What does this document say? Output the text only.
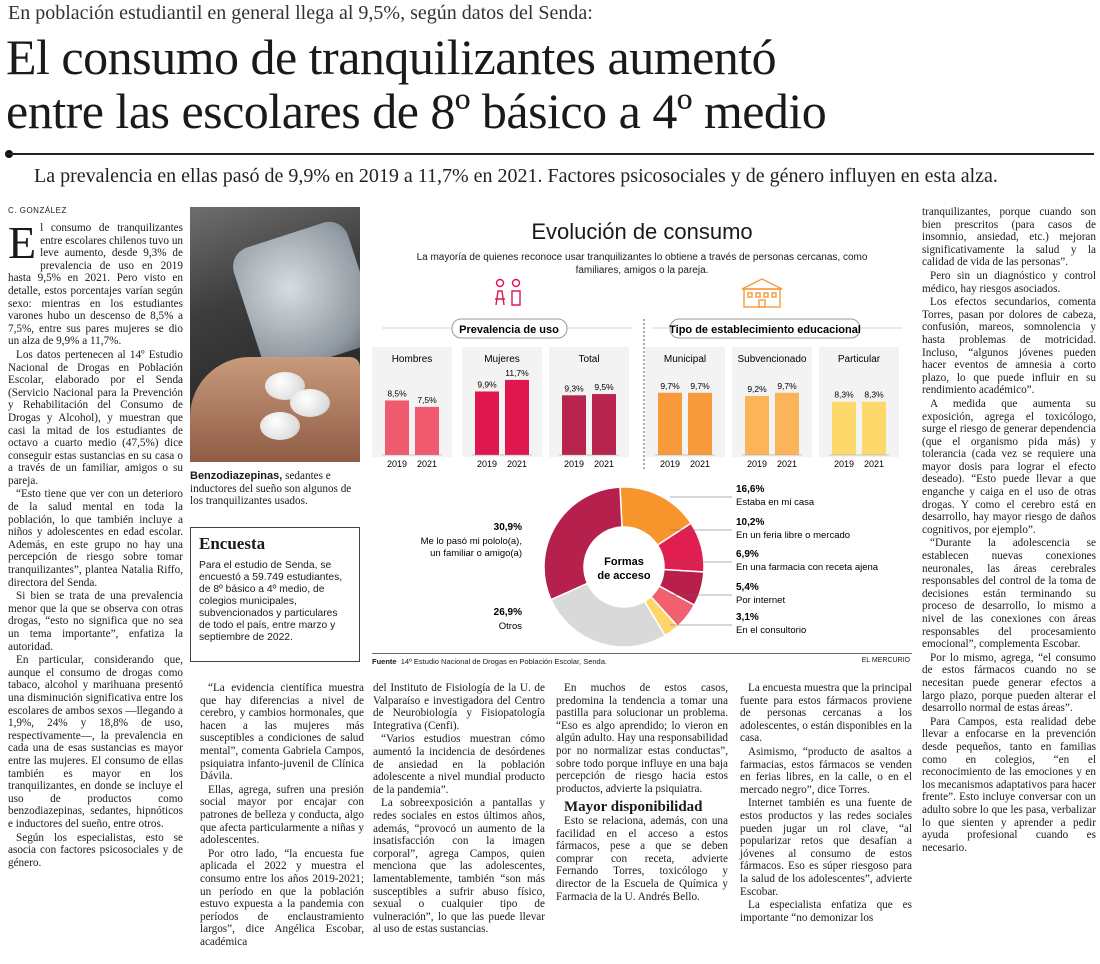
En población estudiantil en general llega al 9,5%, según datos del Senda:
El consumo de tranquilizantes aumentó
entre las escolares de 8º básico a 4º medio
La prevalencia en ellas pasó de 9,9% en 2019 a 11,7% en 2021. Factores psicosociales y de género influyen en esta alza.
C. GONZÁLEZ

El consumo de tranquilizantes entre escolares chilenos tuvo un leve aumento, desde 9,3% de prevalencia de uso en 2019 hasta 9,5% en 2021. Pero visto en detalle, estos porcentajes varían según sexo: mientras en los estudiantes varones hubo un descenso de 8,5% a 7,5%, entre sus pares mujeres se dio un alza de 9,9% a 11,7%.

Los datos pertenecen al 14º Estudio Nacional de Drogas en Población Escolar, elaborado por el Senda (Servicio Nacional para la Prevención y Rehabilitación del Consumo de Drogas y Alcohol), y muestran que casi la mitad de los estudiantes de octavo a cuarto medio (47,5%) dice conseguir estas sustancias en su casa o a través de un familiar, amigos o su pareja.

“Esto tiene que ver con un deterioro de la salud mental en toda la población, lo que también incluye a niños y adolescentes en edad escolar. Además, en este grupo no hay una percepción de riesgo sobre tomar tranquilizantes”, plantea Natalia Riffo, directora del Senda.

Si bien se trata de una prevalencia menor que la que se observa con otras drogas, “esto no significa que no sea un tema importante”, enfatiza la autoridad.

En particular, considerando que, aunque el consumo de drogas como tabaco, alcohol y marihuana presentó una disminución significativa entre los escolares de ambos sexos —llegando a 1,9%, 24% y 18,8% de uso, respectivamente—, la prevalencia en cada una de esas sustancias es mayor entre las mujeres. El consumo de ellas también es mayor en los tranquilizantes, en donde se incluye el uso de productos como benzodiazepinas, sedantes, hipnóticos e inductores del sueño, entre otros.

Según los especialistas, esto se asocia con factores psicosociales y de género.

Benzodiazepinas, sedantes e inductores del sueño son algunos de los tranquilizantes usados.
Encuesta

Para el estudio de Senda, se encuestó a 59.749 estudiantes, de 8º básico a 4º medio, de colegios municipales, subvencionados y particulares de todo el país, entre marzo y septiembre de 2022.

Evolución de consumo
La mayoría de quienes reconoce usar tranquilizantes lo obtiene a través de personas cercanas, como familiares, amigos o la pareja.
Prevalencia de uso	Tipo de establecimiento educacional
Hombres
8,5%
2019
7,5%
2021
Mujeres
9,9%
2019
11,7%
2021
Total
9,3%
2019
9,5%
2021
Municipal
9,7%
2019
9,7%
2021
Subvencionado
9,2%
2019
9,7%
2021
Particular
8,3%
2019
8,3%
2021
Formas
de acceso
16,6%
Estaba en mi casa
10,2%
En un feria libre o mercado
6,9%
En una farmacia con receta ajena
5,4%
Por internet
3,1%
En el consultorio
30,9%
Me lo pasó mi pololo(a),
un familiar o amigo(a)
26,9%
Otros
Fuente 14º Estudio Nacional de Drogas en Población Escolar, Senda.	EL MERCURIO

“La evidencia científica muestra que hay diferencias a nivel de cerebro, y cambios hormonales, que hacen a las mujeres más susceptibles a condiciones de salud mental”, comenta Gabriela Campos, psiquiatra infanto-juvenil de Clínica Dávila.

Ellas, agrega, sufren una presión social mayor por encajar con patrones de belleza y conducta, algo que afecta particularmente a niñas y adolescentes.

Por otro lado, “la encuesta fue aplicada el 2022 y muestra el consumo entre los años 2019-2021; un período en que la población estuvo expuesta a la pandemia con períodos de enclaustramiento largos”, dice Angélica Escobar, académica

del Instituto de Fisiología de la U. de Valparaíso e investigadora del Centro de Neurobiología y Fisiopatología Integrativa (Cenfi).

“Varios estudios muestran cómo aumentó la incidencia de desórdenes de ansiedad en la población adolescente a nivel mundial producto de la pandemia”.

La sobreexposición a pantallas y redes sociales en estos últimos años, además, “provocó un aumento de la insatisfacción con la imagen corporal”, agrega Campos, quien menciona que las adolescentes, lamentablemente, también “son más susceptibles a sufrir abuso físico, sexual o cualquier tipo de vulneración”, lo que las puede llevar al uso de estas sustancias.

En muchos de estos casos, predomina la tendencia a tomar una pastilla para solucionar un problema. “Eso es algo aprendido; lo vieron en algún adulto. Hay una responsabilidad por no normalizar estas conductas”, sobre todo porque influye en una baja percepción de riesgo hacia estos productos, advierte la psiquiatra.

Mayor disponibilidad

Esto se relaciona, además, con una facilidad en el acceso a estos fármacos, pese a que se deben comprar con receta, advierte Fernando Torres, toxicólogo y director de la Escuela de Química y Farmacia de la U. Andrés Bello.

La encuesta muestra que la principal fuente para estos fármacos proviene de personas cercanas a los adolescentes, o están disponibles en la casa.

Asimismo, “producto de asaltos a farmacias, estos fármacos se venden en ferias libres, en la calle, o en el mercado negro”, dice Torres.

Internet también es una fuente de estos productos y las redes sociales pueden jugar un rol clave, “al popularizar retos que desafían a jóvenes al consumo de estos fármacos. Eso es súper riesgoso para la salud de los adolescentes”, advierte Escobar.

La especialista enfatiza que es importante “no demonizar los

tranquilizantes, porque cuando son bien prescritos (para casos de insomnio, ansiedad, etc.) mejoran significativamente la salud y la calidad de vida de las personas”.

Pero sin un diagnóstico y control médico, hay riesgos asociados.

Los efectos secundarios, comenta Torres, pasan por dolores de cabeza, confusión, mareos, somnolencia y hasta problemas de motricidad. Incluso, “algunos jóvenes pueden hacer eventos de amnesia a corto plazo, lo que puede influir en su rendimiento académico”.

A medida que aumenta su exposición, agrega el toxicólogo, surge el riesgo de generar dependencia (que el organismo pida más) y tolerancia (cada vez se requiere una mayor dosis para lograr el efecto deseado). “Esto puede llevar a que enganche y caiga en el uso de otras drogas. Y como el cerebro está en desarrollo, hay mayor riesgo de daños cognitivos, por ejemplo”.

“Durante la adolescencia se establecen nuevas conexiones neuronales, las áreas cerebrales responsables del control de la toma de decisiones están terminando su proceso de desarrollo, lo mismo a nivel de las conexiones con áreas responsables del procesamiento emocional”, complementa Escobar.

Por lo mismo, agrega, “el consumo de estos fármacos cuando no se necesitan puede generar efectos a largo plazo, porque pueden alterar el desarrollo normal de estas áreas”.

Para Campos, esta realidad debe llevar a enfocarse en la prevención desde pequeños, tanto en familias como en colegios, “en el reconocimiento de las emociones y en los mecanismos adaptativos para hacer frente”. Esto incluye conversar con un adulto sobre lo que les pasa, verbalizar lo que sienten y aprender a pedir ayuda profesional cuando es necesario.
